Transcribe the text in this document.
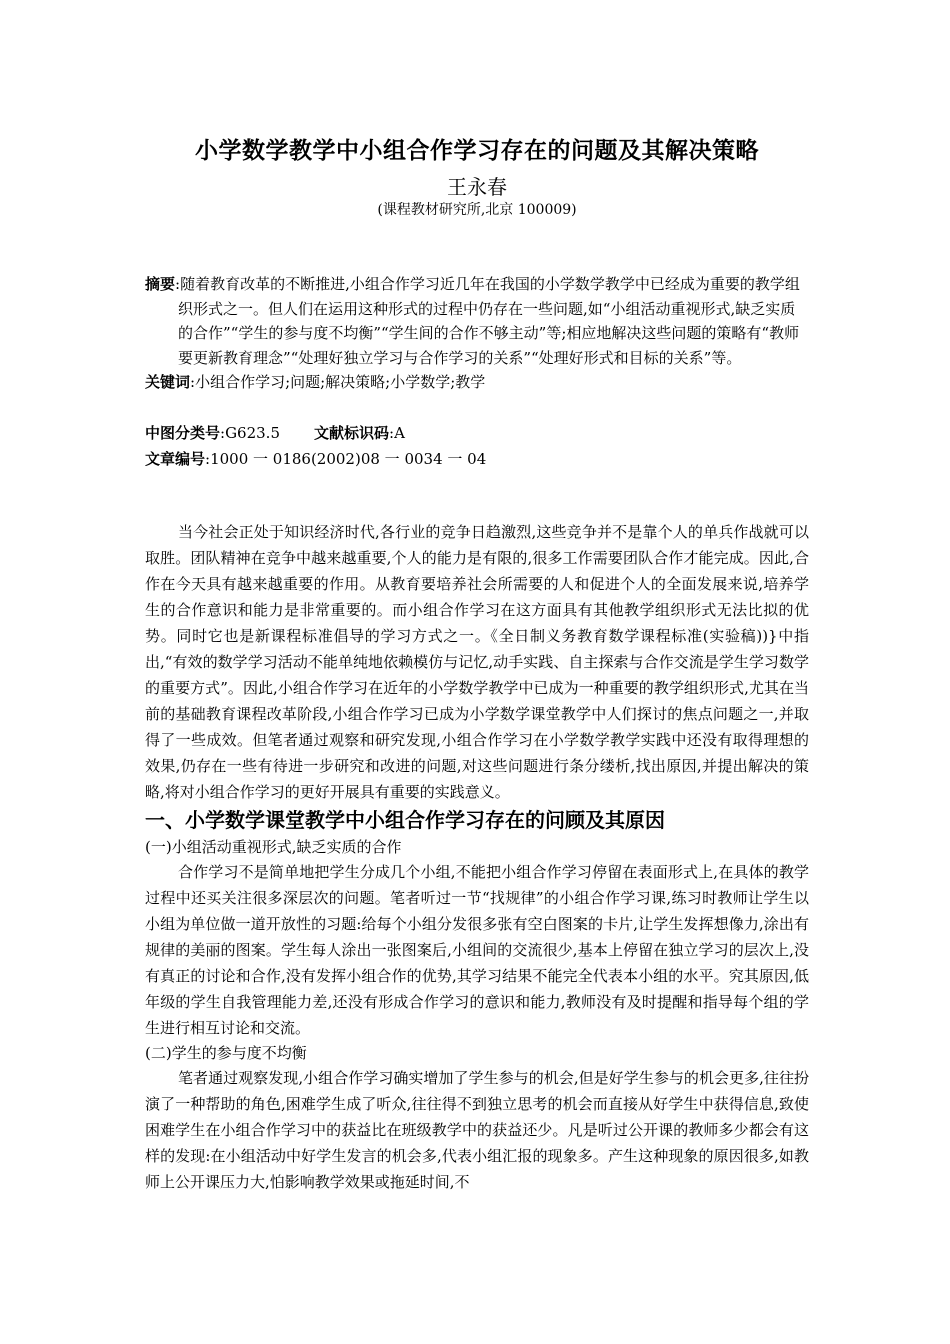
小学数学教学中小组合作学习存在的问题及其解决策略
王永春
(课程教材研究所,北京 100009)

摘要:随着教育改革的不断推进,小组合作学习近几年在我国的小学数学教学中已经成为重要的教学组织形式之一。但人们在运用这种形式的过程中仍存在一些问题,如“小组活动重视形式,缺乏实质的合作”“学生的参与度不均衡”“学生间的合作不够主动”等;相应地解决这些问题的策略有“教师要更新教育理念”“处理好独立学习与合作学习的关系”“处理好形式和目标的关系”等。

关键词:小组合作学习;问题;解决策略;小学数学;教学

中图分类号:G623.5 文献标识码:A
文章编号:1000 一 0186(2002)08 一 0034 一 04

当今社会正处于知识经济时代,各行业的竞争日趋激烈,这些竞争并不是靠个人的单兵作战就可以取胜。团队精神在竞争中越来越重要,个人的能力是有限的,很多工作需要团队合作才能完成。因此,合作在今天具有越来越重要的作用。从教育要培养社会所需要的人和促进个人的全面发展来说,培养学生的合作意识和能力是非常重要的。而小组合作学习在这方面具有其他教学组织形式无法比拟的优势。同时它也是新课程标准倡导的学习方式之一。《全日制义务教育数学课程标准(实验稿))}中指出,“有效的数学学习活动不能单纯地依赖模仿与记忆,动手实践、自主探索与合作交流是学生学习数学的重要方式”。因此,小组合作学习在近年的小学数学教学中已成为一种重要的教学组织形式,尤其在当前的基础教育课程改革阶段,小组合作学习已成为小学数学课堂教学中人们探讨的焦点问题之一,并取得了一些成效。但笔者通过观察和研究发现,小组合作学习在小学数学教学实践中还没有取得理想的效果,仍存在一些有待进一步研究和改进的问题,对这些问题进行条分缕析,找出原因,并提出解决的策略,将对小组合作学习的更好开展具有重要的实践意义。

一、小学数学课堂教学中小组合作学习存在的问顾及其原因
(一)小组活动重视形式,缺乏实质的合作

合作学习不是简单地把学生分成几个小组,不能把小组合作学习停留在表面形式上,在具体的教学过程中还买关注很多深层次的问题。笔者听过一节“找规律”的小组合作学习课,练习时教师让学生以小组为单位做一道开放性的习题:给每个小组分发很多张有空白图案的卡片,让学生发挥想像力,涂出有规律的美丽的图案。学生每人涂出一张图案后,小组间的交流很少,基本上停留在独立学习的层次上,没有真正的讨论和合作,没有发挥小组合作的优势,其学习结果不能完全代表本小组的水平。究其原因,低年级的学生自我管理能力差,还没有形成合作学习的意识和能力,教师没有及时提醒和指导每个组的学生进行相互讨论和交流。

(二)学生的参与度不均衡

笔者通过观察发现,小组合作学习确实增加了学生参与的机会,但是好学生参与的机会更多,往往扮演了一种帮助的角色,困难学生成了听众,往往得不到独立思考的机会而直接从好学生中获得信息,致使困难学生在小组合作学习中的获益比在班级教学中的获益还少。凡是听过公开课的教师多少都会有这样的发现:在小组活动中好学生发言的机会多,代表小组汇报的现象多。产生这种现象的原因很多,如教师上公开课压力大,怕影响教学效果或拖延时间,不
